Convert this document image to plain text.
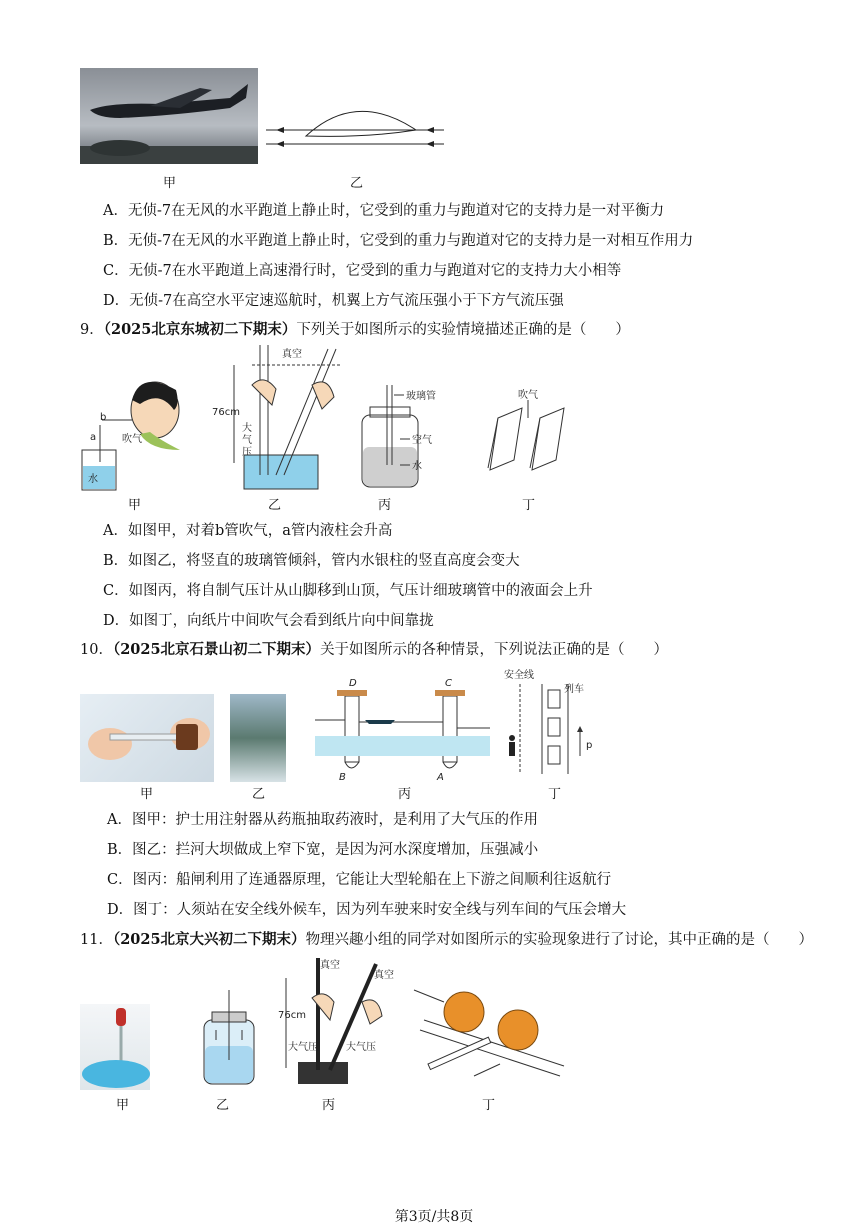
甲	乙
A．无侦-7在无风的水平跑道上静止时，它受到的重力与跑道对它的支持力是一对平衡力
B．无侦-7在无风的水平跑道上静止时，它受到的重力与跑道对它的支持力是一对相互作用力
C．无侦-7在水平跑道上高速滑行时，它受到的重力与跑道对它的支持力大小相等
D．无侦-7在高空水平定速巡航时，机翼上方气流压强小于下方气流压强
9．（2025北京东城初二下期末）下列关于如图所示的实验情境描述正确的是（　　）
b
a	吹气
水
真空
76cm
大
气
压
玻璃管
空气
水
吹气
甲	乙	丙	丁
A．如图甲，对着b管吹气，a管内液柱会升高
B．如图乙，将竖直的玻璃管倾斜，管内水银柱的竖直高度会变大
C．如图丙，将自制气压计从山脚移到山顶，气压计细玻璃管中的液面会上升
D．如图丁，向纸片中间吹气会看到纸片向中间靠拢
10．（2025北京石景山初二下期末）关于如图所示的各种情景，下列说法正确的是（　　）
D	C
B	A
安全线
列车
p
甲	乙	丙	丁
A．图甲：护士用注射器从药瓶抽取药液时，是利用了大气压的作用
B．图乙：拦河大坝做成上窄下宽，是因为河水深度增加，压强减小
C．图丙：船闸利用了连通器原理，它能让大型轮船在上下游之间顺利往返航行
D．图丁：人须站在安全线外候车，因为列车驶来时安全线与列车间的气压会增大
11．（2025北京大兴初二下期末）物理兴趣小组的同学对如图所示的实验现象进行了讨论，其中正确的是（　　）
真空
真空
76cm
大气压	大气压
甲	乙	丙	丁
第3页/共8页
